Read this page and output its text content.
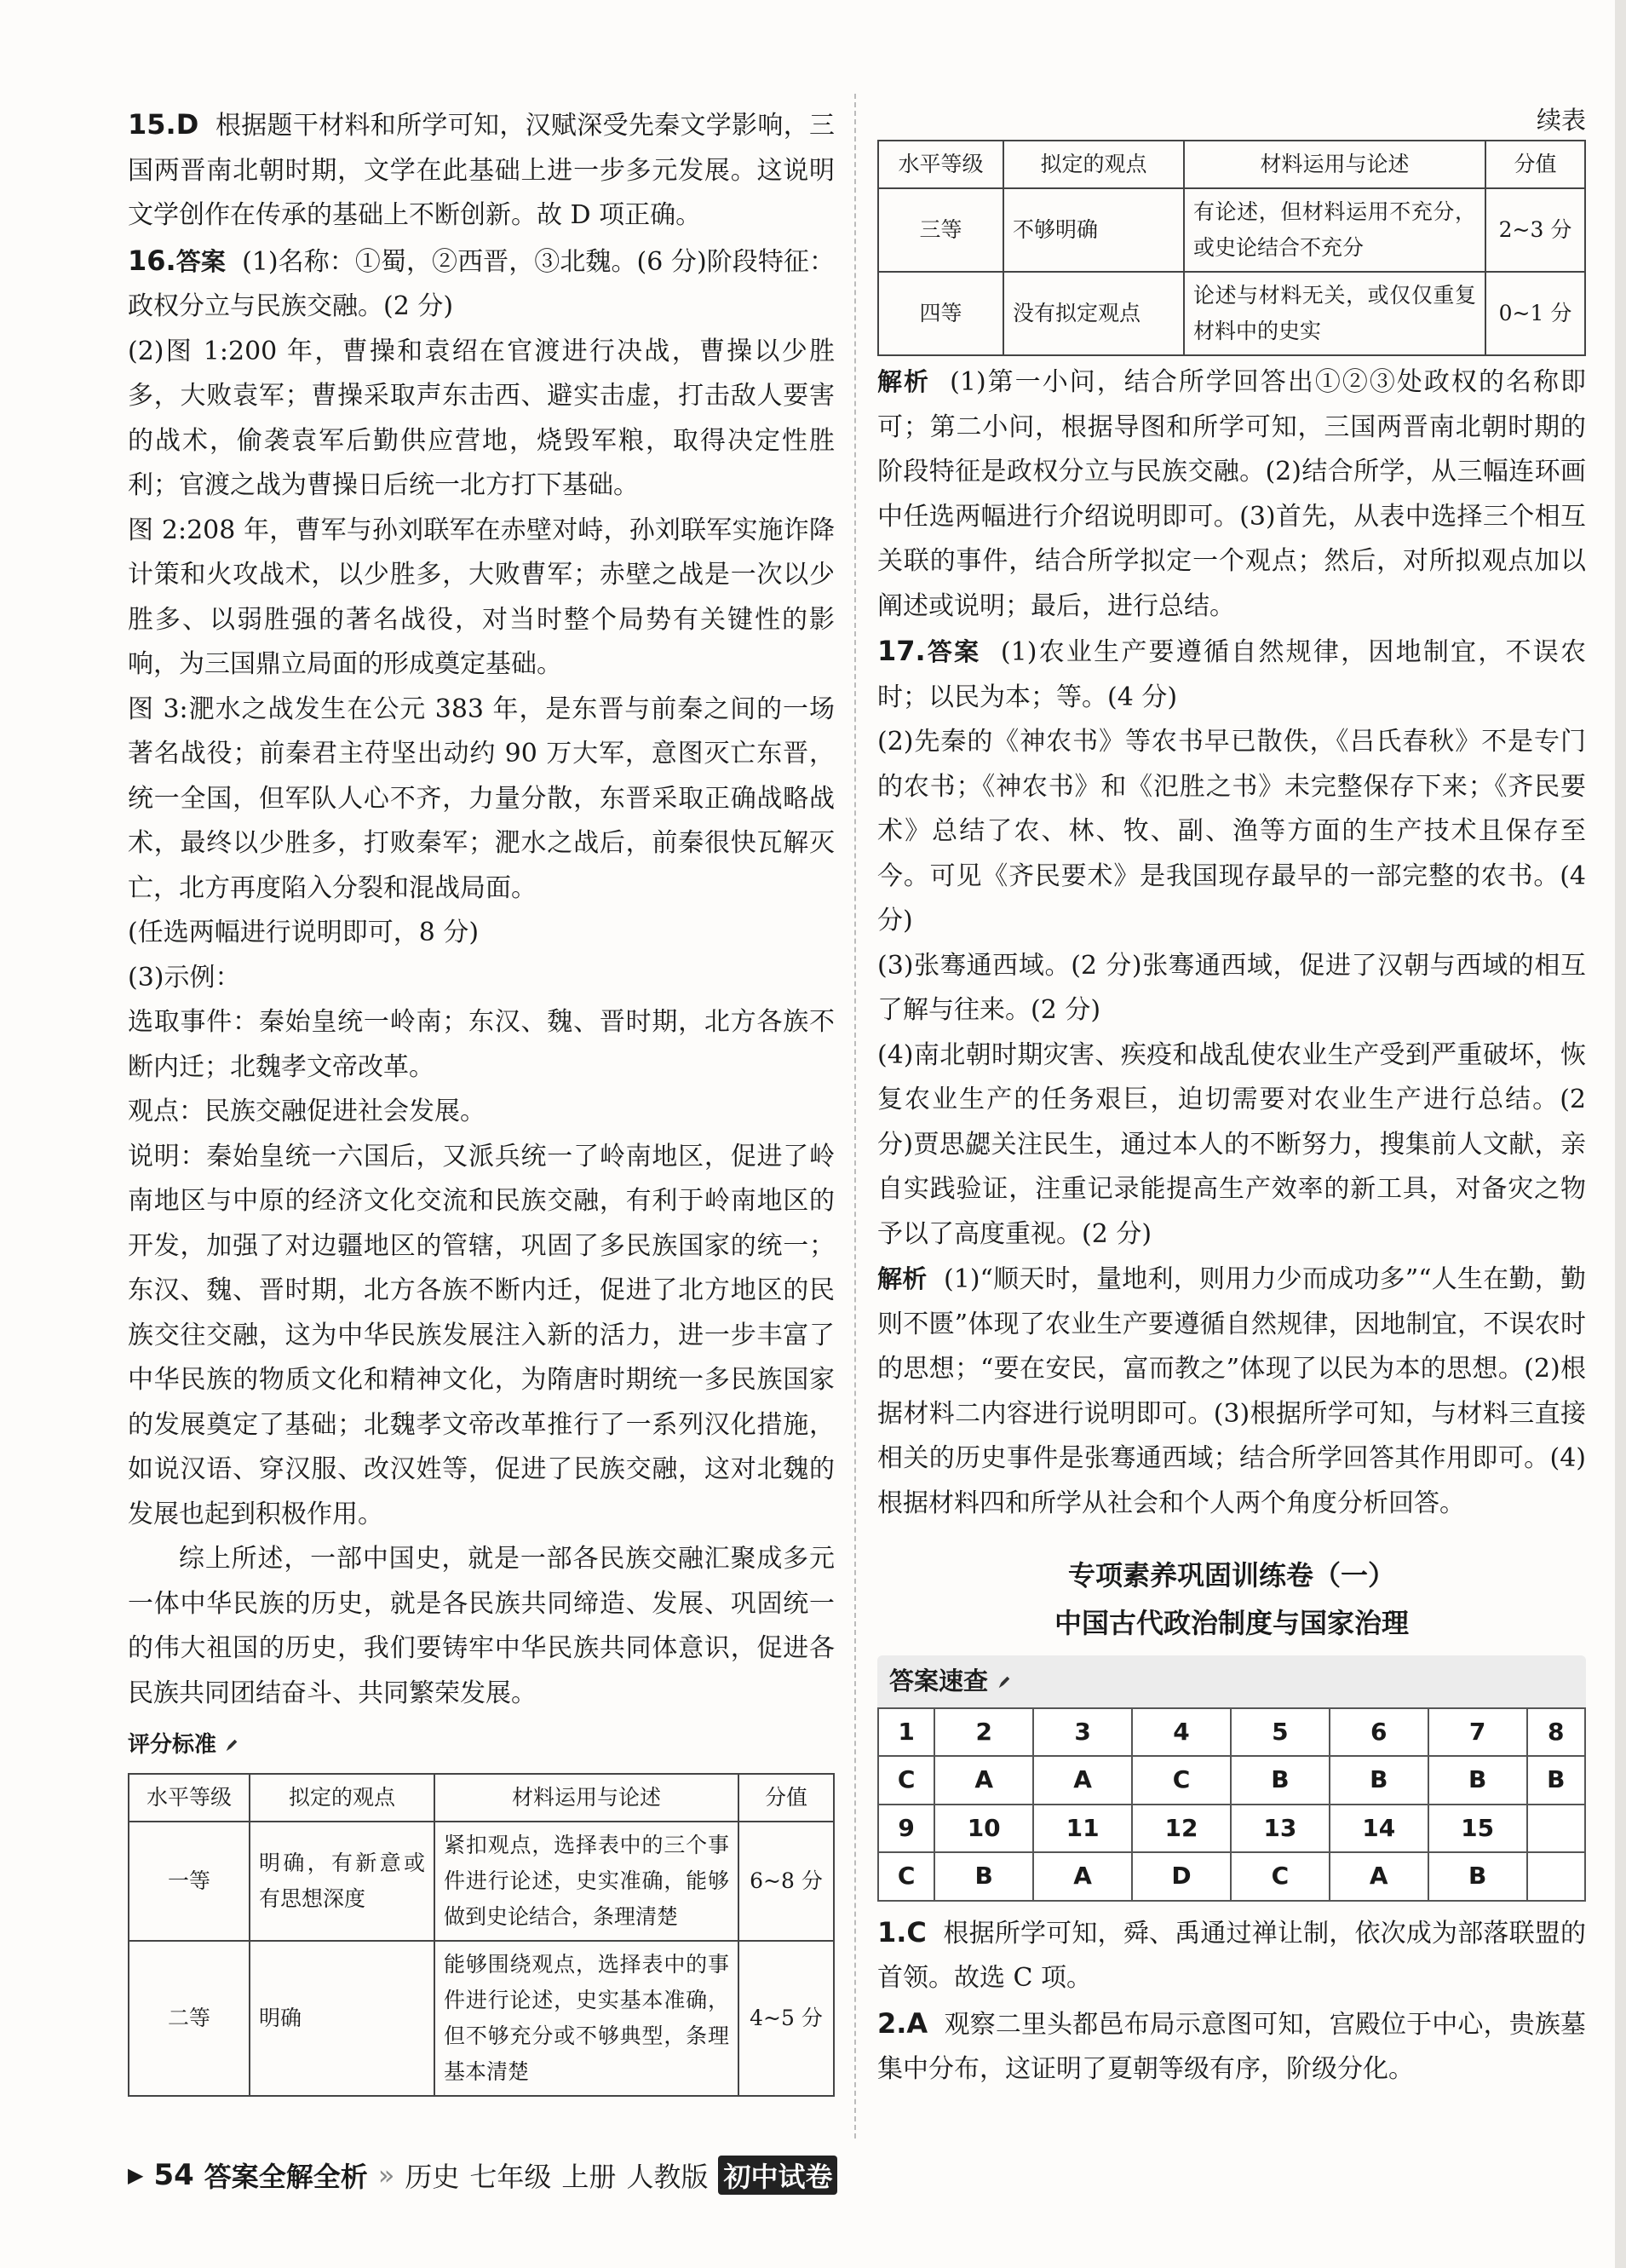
15.D 根据题干材料和所学可知，汉赋深受先秦文学影响，三国两晋南北朝时期，文学在此基础上进一步多元发展。这说明文学创作在传承的基础上不断创新。故 D 项正确。

16.答案 (1)名称：①蜀，②西晋，③北魏。(6 分)阶段特征：政权分立与民族交融。(2 分)

(2)图 1:200 年，曹操和袁绍在官渡进行决战，曹操以少胜多，大败袁军；曹操采取声东击西、避实击虚，打击敌人要害的战术，偷袭袁军后勤供应营地，烧毁军粮，取得决定性胜利；官渡之战为曹操日后统一北方打下基础。

图 2:208 年，曹军与孙刘联军在赤壁对峙，孙刘联军实施诈降计策和火攻战术，以少胜多，大败曹军；赤壁之战是一次以少胜多、以弱胜强的著名战役，对当时整个局势有关键性的影响，为三国鼎立局面的形成奠定基础。

图 3:淝水之战发生在公元 383 年，是东晋与前秦之间的一场著名战役；前秦君主苻坚出动约 90 万大军，意图灭亡东晋，统一全国，但军队人心不齐，力量分散，东晋采取正确战略战术，最终以少胜多，打败秦军；淝水之战后，前秦很快瓦解灭亡，北方再度陷入分裂和混战局面。

(任选两幅进行说明即可，8 分)

(3)示例：

选取事件：秦始皇统一岭南；东汉、魏、晋时期，北方各族不断内迁；北魏孝文帝改革。

观点：民族交融促进社会发展。

说明：秦始皇统一六国后，又派兵统一了岭南地区，促进了岭南地区与中原的经济文化交流和民族交融，有利于岭南地区的开发，加强了对边疆地区的管辖，巩固了多民族国家的统一；东汉、魏、晋时期，北方各族不断内迁，促进了北方地区的民族交往交融，这为中华民族发展注入新的活力，进一步丰富了中华民族的物质文化和精神文化，为隋唐时期统一多民族国家的发展奠定了基础；北魏孝文帝改革推行了一系列汉化措施，如说汉语、穿汉服、改汉姓等，促进了民族交融，这对北魏的发展也起到积极作用。

综上所述，一部中国史，就是一部各民族交融汇聚成多元一体中华民族的历史，就是各民族共同缔造、发展、巩固统一的伟大祖国的历史，我们要铸牢中华民族共同体意识，促进各民族共同团结奋斗、共同繁荣发展。

评分标准
水平等级	拟定的观点	材料运用与论述	分值
一等	明确，有新意或有思想深度	紧扣观点，选择表中的三个事件进行论述，史实准确，能够做到史论结合，条理清楚	6~8 分
二等	明确	能够围绕观点，选择表中的事件进行论述，史实基本准确，但不够充分或不够典型，条理基本清楚	4~5 分
续表
水平等级	拟定的观点	材料运用与论述	分值
三等	不够明确	有论述，但材料运用不充分，或史论结合不充分	2~3 分
四等	没有拟定观点	论述与材料无关，或仅仅重复材料中的史实	0~1 分

解析 (1)第一小问，结合所学回答出①②③处政权的名称即可；第二小问，根据导图和所学可知，三国两晋南北朝时期的阶段特征是政权分立与民族交融。(2)结合所学，从三幅连环画中任选两幅进行介绍说明即可。(3)首先，从表中选择三个相互关联的事件，结合所学拟定一个观点；然后，对所拟观点加以阐述或说明；最后，进行总结。

17.答案 (1)农业生产要遵循自然规律，因地制宜，不误农时；以民为本；等。(4 分)

(2)先秦的《神农书》等农书早已散佚，《吕氏春秋》不是专门的农书；《神农书》和《氾胜之书》未完整保存下来；《齐民要术》总结了农、林、牧、副、渔等方面的生产技术且保存至今。可见《齐民要术》是我国现存最早的一部完整的农书。(4 分)

(3)张骞通西域。(2 分)张骞通西域，促进了汉朝与西域的相互了解与往来。(2 分)

(4)南北朝时期灾害、疾疫和战乱使农业生产受到严重破坏，恢复农业生产的任务艰巨，迫切需要对农业生产进行总结。(2 分)贾思勰关注民生，通过本人的不断努力，搜集前人文献，亲自实践验证，注重记录能提高生产效率的新工具，对备灾之物予以了高度重视。(2 分)

解析 (1)“顺天时，量地利，则用力少而成功多”“人生在勤，勤则不匮”体现了农业生产要遵循自然规律，因地制宜，不误农时的思想；“要在安民，富而教之”体现了以民为本的思想。(2)根据材料二内容进行说明即可。(3)根据所学可知，与材料三直接相关的历史事件是张骞通西域；结合所学回答其作用即可。(4)根据材料四和所学从社会和个人两个角度分析回答。

专项素养巩固训练卷（一）
中国古代政治制度与国家治理
答案速查
1	2	3	4	5	6	7	8
C	A	A	C	B	B	B	B
9	10	11	12	13	14	15	
C	B	A	D	C	A	B	

1.C 根据所学可知，舜、禹通过禅让制，依次成为部落联盟的首领。故选 C 项。

2.A 观察二里头都邑布局示意图可知，宫殿位于中心，贵族墓集中分布，这证明了夏朝等级有序，阶级分化。

▶ 54 答案全解全析 » 历史 七年级 上册 人教版 初中试卷
